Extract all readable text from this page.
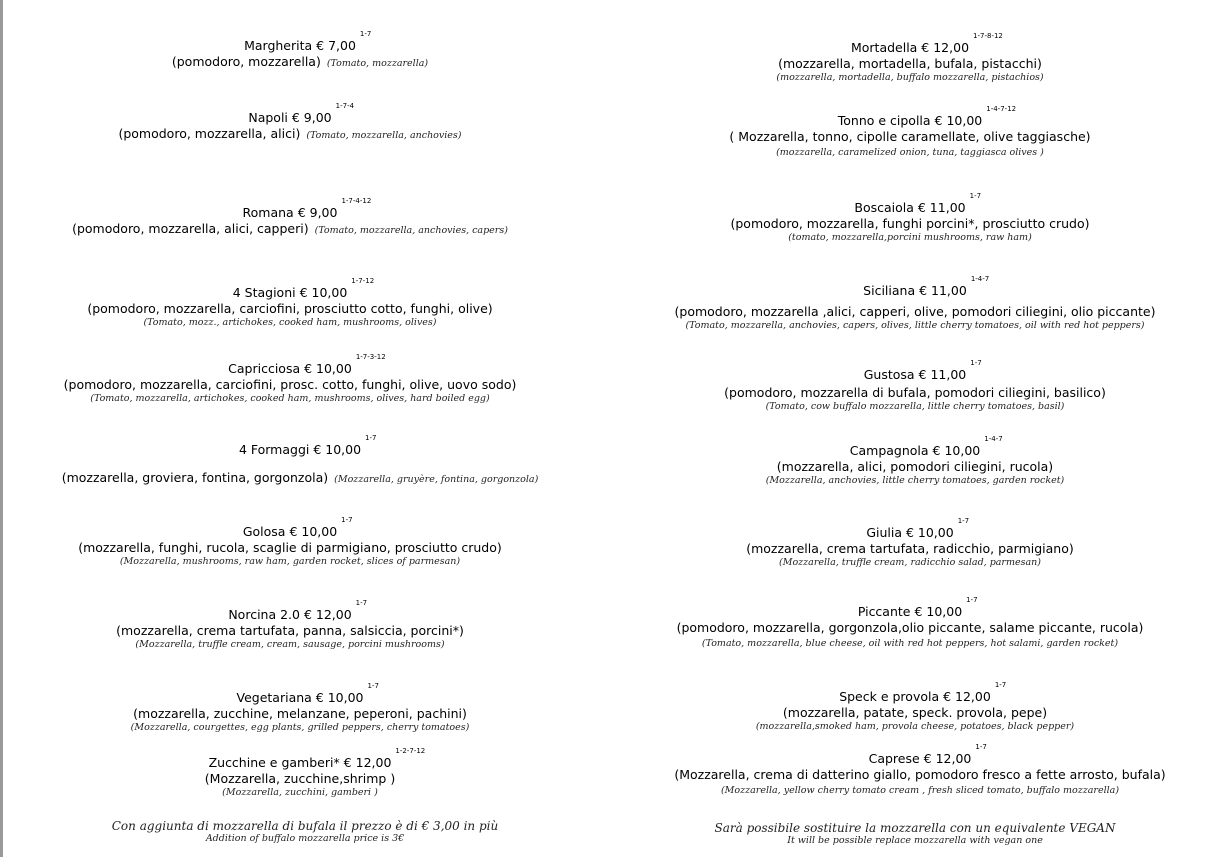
Margherita € 7,00
1-7
(pomodoro, mozzarella) (Tomato, mozzarella)
Napoli € 9,00
1-7-4
(pomodoro, mozzarella, alici) (Tomato, mozzarella, anchovies)
Romana € 9,00
1-7-4-12
(pomodoro, mozzarella, alici, capperi) (Tomato, mozzarella, anchovies, capers)
4 Stagioni € 10,00
1-7-12
(pomodoro, mozzarella, carciofini, prosciutto cotto, funghi, olive)
(Tomato, mozz., artichokes, cooked ham, mushrooms, olives)
Capricciosa € 10,00
1-7-3-12
(pomodoro, mozzarella, carciofini, prosc. cotto, funghi, olive, uovo sodo)
(Tomato, mozzarella, artichokes, cooked ham, mushrooms, olives, hard boiled egg)
4 Formaggi € 10,00
1-7
(mozzarella, groviera, fontina, gorgonzola) (Mozzarella, gruyère, fontina, gorgonzola)
Golosa € 10,00
1-7
(mozzarella, funghi, rucola, scaglie di parmigiano, prosciutto crudo)
(Mozzarella, mushrooms, raw ham, garden rocket, slices of parmesan)
Norcina 2.0 € 12,00
1-7
(mozzarella, crema tartufata, panna, salsiccia, porcini*)
(Mozzarella, truffle cream, cream, sausage, porcini mushrooms)
Vegetariana € 10,00
1-7
(mozzarella, zucchine, melanzane, peperoni, pachini)
(Mozzarella, courgettes, egg plants, grilled peppers, cherry tomatoes)
Zucchine e gamberi* € 12,00
1-2-7-12
(Mozzarella, zucchine,shrimp )
(Mozzarella, zucchini, gamberi )
Mortadella € 12,00
1-7-8-12
(mozzarella, mortadella, bufala, pistacchi)
(mozzarella, mortadella, buffalo mozzarella, pistachios)
Tonno e cipolla € 10,00
1-4-7-12
( Mozzarella, tonno, cipolle caramellate, olive taggiasche)
(mozzarella, caramelized onion, tuna, taggiasca olives )
Boscaiola € 11,00
1-7
(pomodoro, mozzarella, funghi porcini*, prosciutto crudo)
(tomato, mozzarella,porcini mushrooms, raw ham)
Siciliana € 11,00
1-4-7
(pomodoro, mozzarella ,alici, capperi, olive, pomodori ciliegini, olio piccante)
(Tomato, mozzarella, anchovies, capers, olives, little cherry tomatoes, oil with red hot peppers)
Gustosa € 11,00
1-7
(pomodoro, mozzarella di bufala, pomodori ciliegini, basilico)
(Tomato, cow buffalo mozzarella, little cherry tomatoes, basil)
Campagnola € 10,00
1-4-7
(mozzarella, alici, pomodori ciliegini, rucola)
(Mozzarella, anchovies, little cherry tomatoes, garden rocket)
Giulia € 10,00
1-7
(mozzarella, crema tartufata, radicchio, parmigiano)
(Mozzarella, truffle cream, radicchio salad, parmesan)
Piccante € 10,00
1-7
(pomodoro, mozzarella, gorgonzola,olio piccante, salame piccante, rucola)
(Tomato, mozzarella, blue cheese, oil with red hot peppers, hot salami, garden rocket)
Speck e provola € 12,00
1-7
(mozzarella, patate, speck. provola, pepe)
(mozzarella,smoked ham, provola cheese, potatoes, black pepper)
Caprese € 12,00
1-7
(Mozzarella, crema di datterino giallo, pomodoro fresco a fette arrosto, bufala)
(Mozzarella, yellow cherry tomato cream , fresh sliced tomato, buffalo mozzarella)
Con aggiunta di mozzarella di bufala il prezzo è di € 3,00 in più
Addition of buffalo mozzarella price is 3€
Sarà possibile sostituire la mozzarella con un equivalente VEGAN
It will be possible replace mozzarella with vegan one
